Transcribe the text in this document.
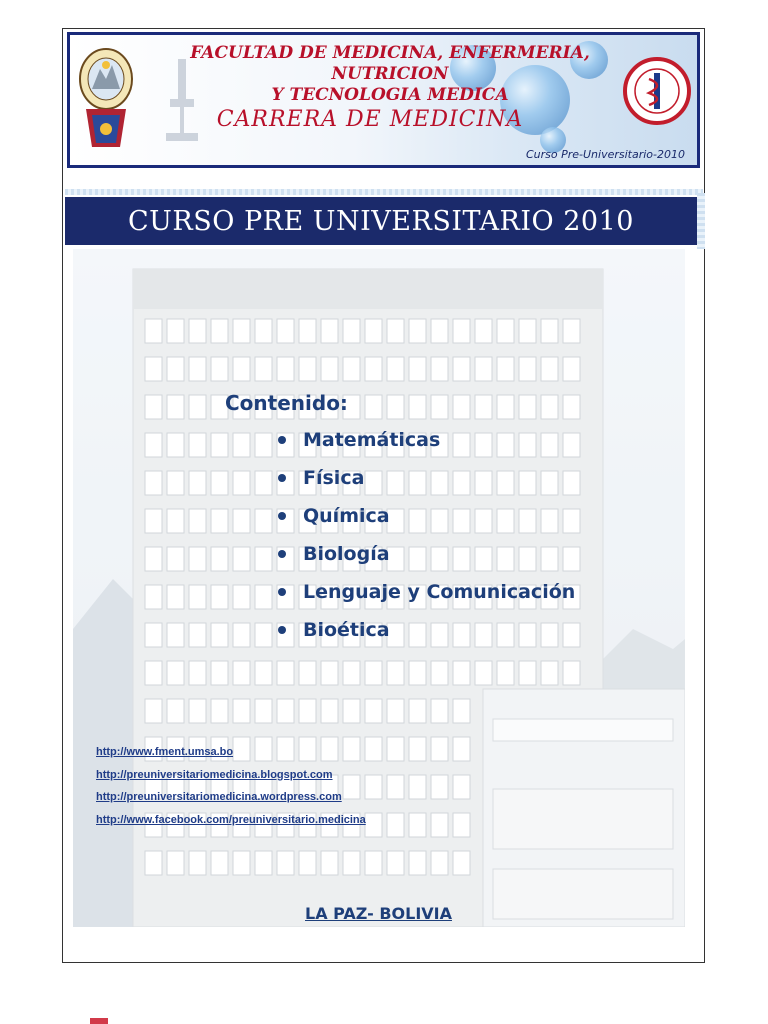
FACULTAD DE MEDICINA, ENFERMERIA, NUTRICION
Y TECNOLOGIA MEDICA
CARRERA DE MEDICINA
Curso Pre-Universitario-2010
CURSO PRE UNIVERSITARIO 2010
Contenido:
Matemáticas
Física
Química
Biología
Lenguaje y Comunicación
Bioética
http://www.fment.umsa.bo
http://preuniversitariomedicina.blogspot.com
http://preuniversitariomedicina.wordpress.com
http://www.facebook.com/preuniversitario.medicina
LA PAZ- BOLIVIA
